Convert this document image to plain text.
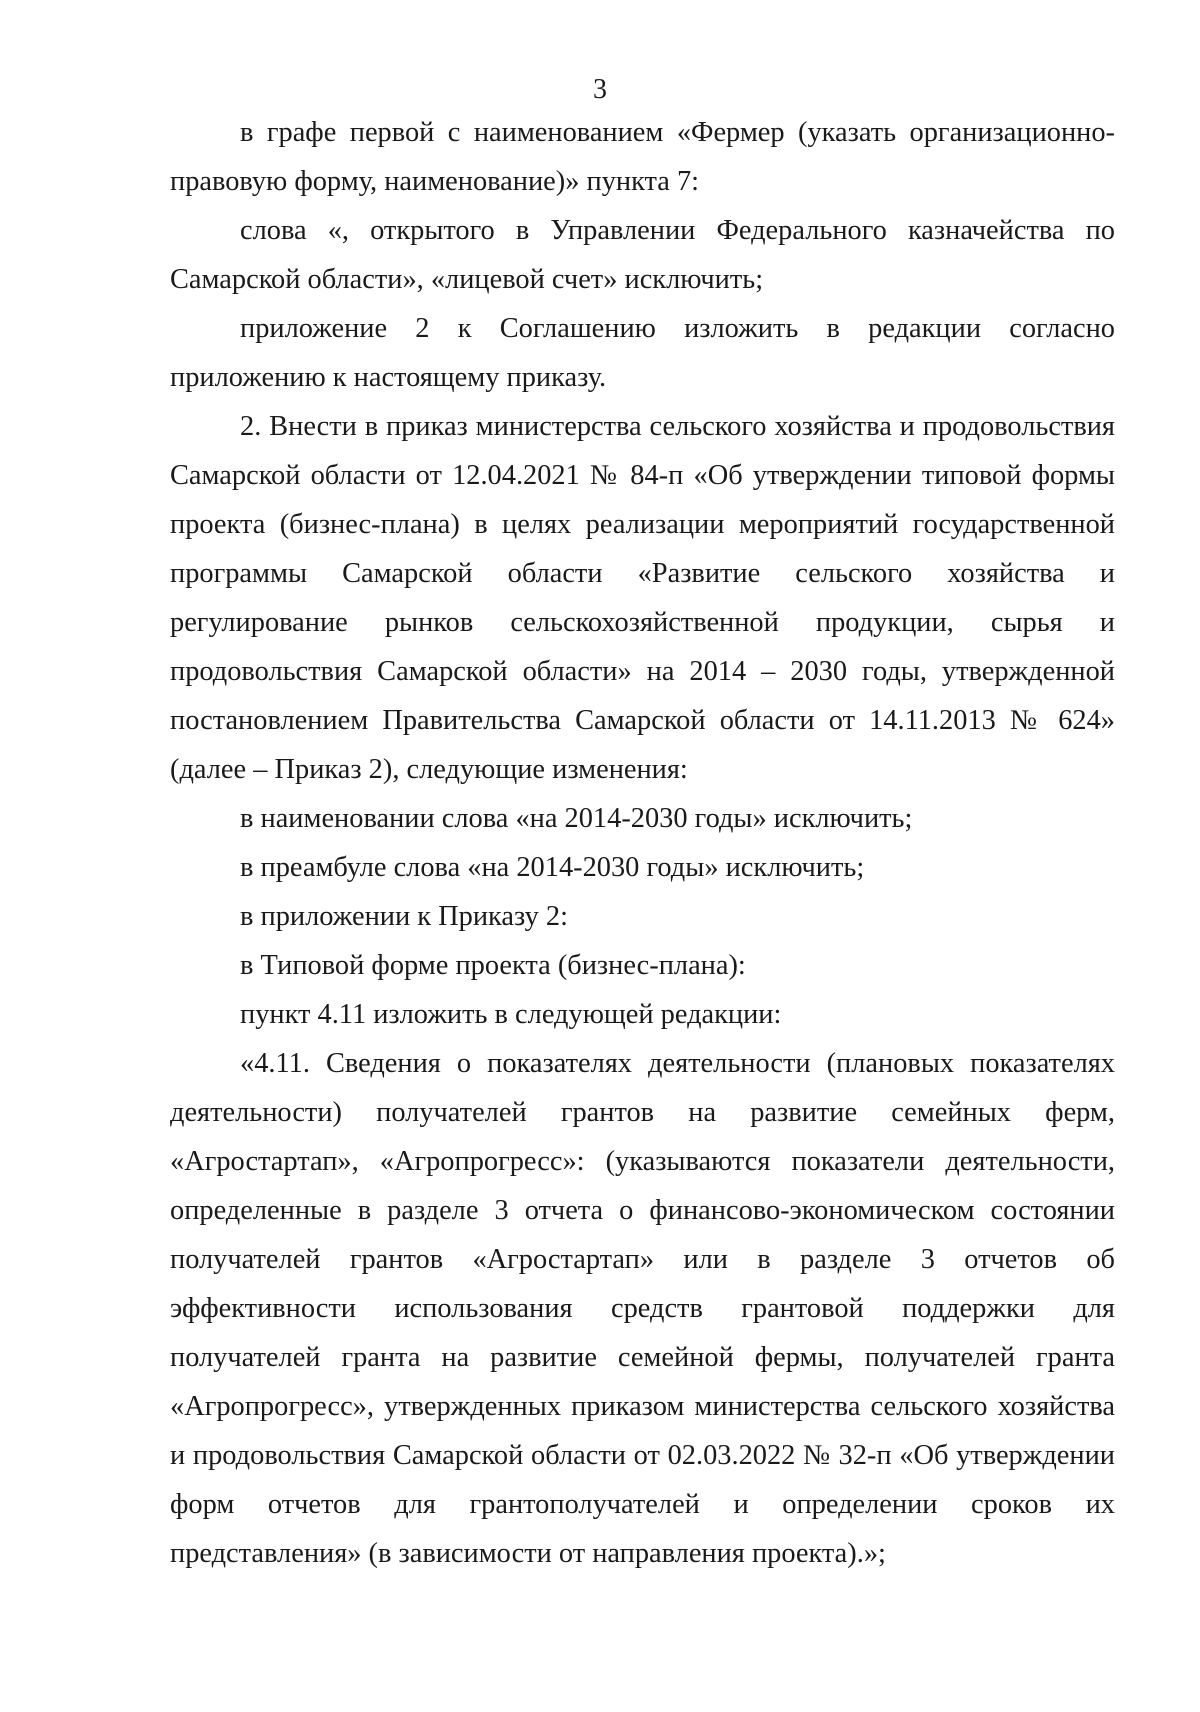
3

в графе первой с наименованием «Фермер (указать организационно-правовую форму, наименование)» пункта 7:

слова «, открытого в Управлении Федерального казначейства по Самарской области», «лицевой счет» исключить;

приложение 2 к Соглашению изложить в редакции согласно приложению к настоящему приказу.

2. Внести в приказ министерства сельского хозяйства и продовольствия Самарской области от 12.04.2021 № 84-п «Об утверждении типовой формы проекта (бизнес-плана) в целях реализации мероприятий государственной программы Самарской области «Развитие сельского хозяйства и регулирование рынков сельскохозяйственной продукции, сырья и продовольствия Самарской области» на 2014 – 2030 годы, утвержденной постановлением Правительства Самарской области от 14.11.2013 № 624» (далее – Приказ 2), следующие изменения:

в наименовании слова «на 2014-2030 годы» исключить;

в преамбуле слова «на 2014-2030 годы» исключить;

в приложении к Приказу 2:

в Типовой форме проекта (бизнес-плана):

пункт 4.11 изложить в следующей редакции:

«4.11. Сведения о показателях деятельности (плановых показателях деятельности) получателей грантов на развитие семейных ферм, «Агростартап», «Агропрогресс»: (указываются показатели деятельности, определенные в разделе 3 отчета о финансово-экономическом состоянии получателей грантов «Агростартап» или в разделе 3 отчетов об эффективности использования средств грантовой поддержки для получателей гранта на развитие семейной фермы, получателей гранта «Агропрогресс», утвержденных приказом министерства сельского хозяйства и продовольствия Самарской области от 02.03.2022 № 32-п «Об утверждении форм отчетов для грантополучателей и определении сроков их представления» (в зависимости от направления проекта).»;
